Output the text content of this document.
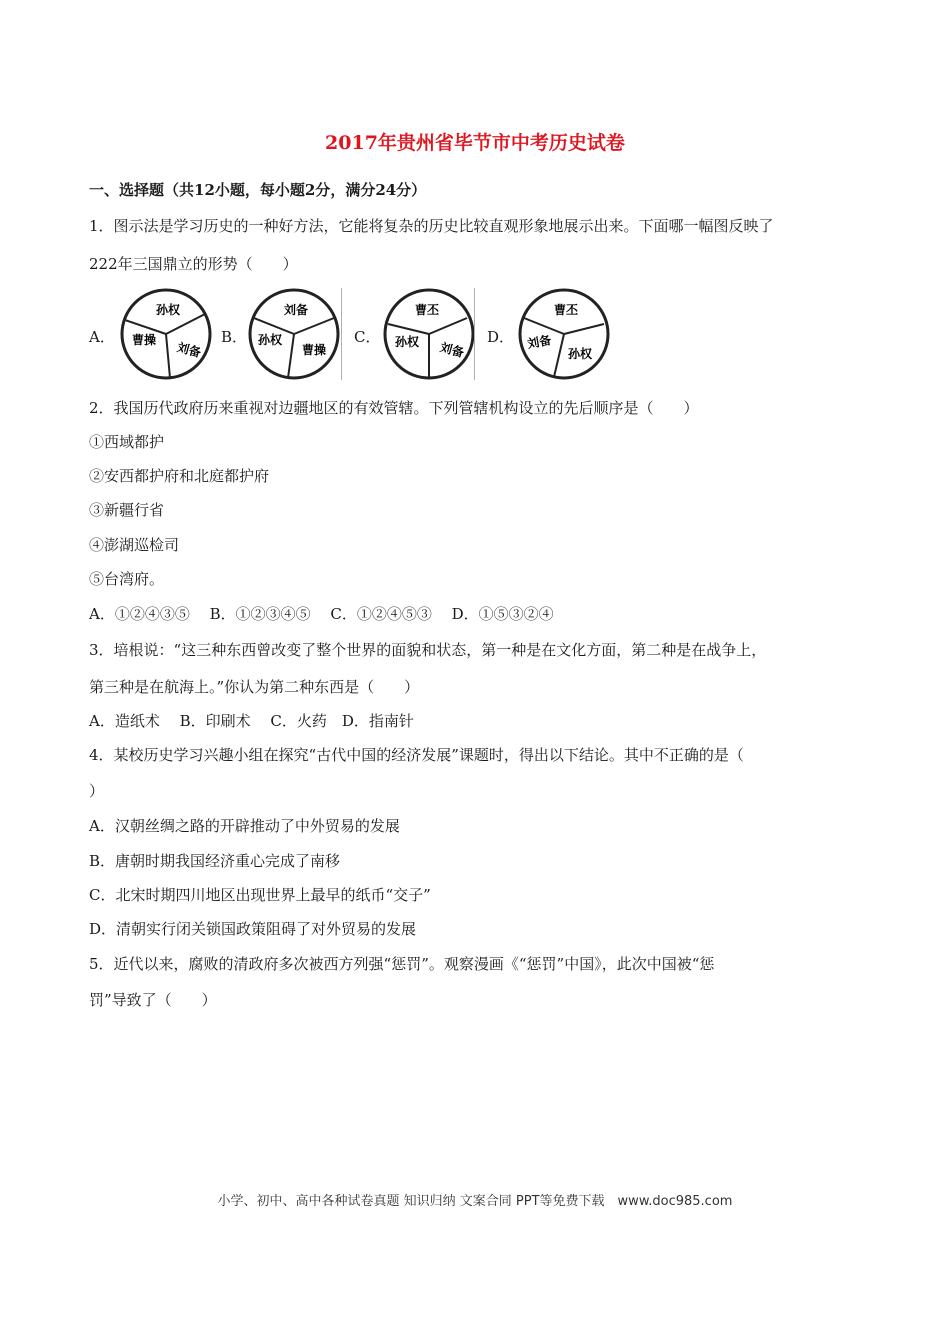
2017年贵州省毕节市中考历史试卷
一、选择题（共12小题，每小题2分，满分24分）
1．图示法是学习历史的一种好方法，它能将复杂的历史比较直观形象地展示出来。下面哪一幅图反映了
222年三国鼎立的形势（　　）
A．
孙权
曹操
刘备
B．
刘备
孙权
曹操
C．
曹丕
孙权 刘备
D．
曹丕
刘备
孙权
2．我国历代政府历来重视对边疆地区的有效管辖。下列管辖机构设立的先后顺序是（　　）
①西域都护
②安西都护府和北庭都护府
③新疆行省
④澎湖巡检司
⑤台湾府。
A．①②④③⑤　 B．①②③④⑤　 C．①②④⑤③　 D．①⑤③②④
3．培根说：“这三种东西曾改变了整个世界的面貌和状态，第一种是在文化方面，第二种是在战争上，
第三种是在航海上。”你认为第二种东西是（　　）
A．造纸术　 B．印刷术　 C．火药　D．指南针
4．某校历史学习兴趣小组在探究“古代中国的经济发展”课题时，得出以下结论。其中不正确的是（
）
A．汉朝丝绸之路的开辟推动了中外贸易的发展
B．唐朝时期我国经济重心完成了南移
C．北宋时期四川地区出现世界上最早的纸币“交子”
D．清朝实行闭关锁国政策阻碍了对外贸易的发展
5．近代以来，腐败的清政府多次被西方列强“惩罚”。观察漫画《“惩罚”中国》，此次中国被“惩
罚”导致了（　　）
小学、初中、高中各种试卷真题 知识归纳 文案合同 PPT等免费下载　www.doc985.com
